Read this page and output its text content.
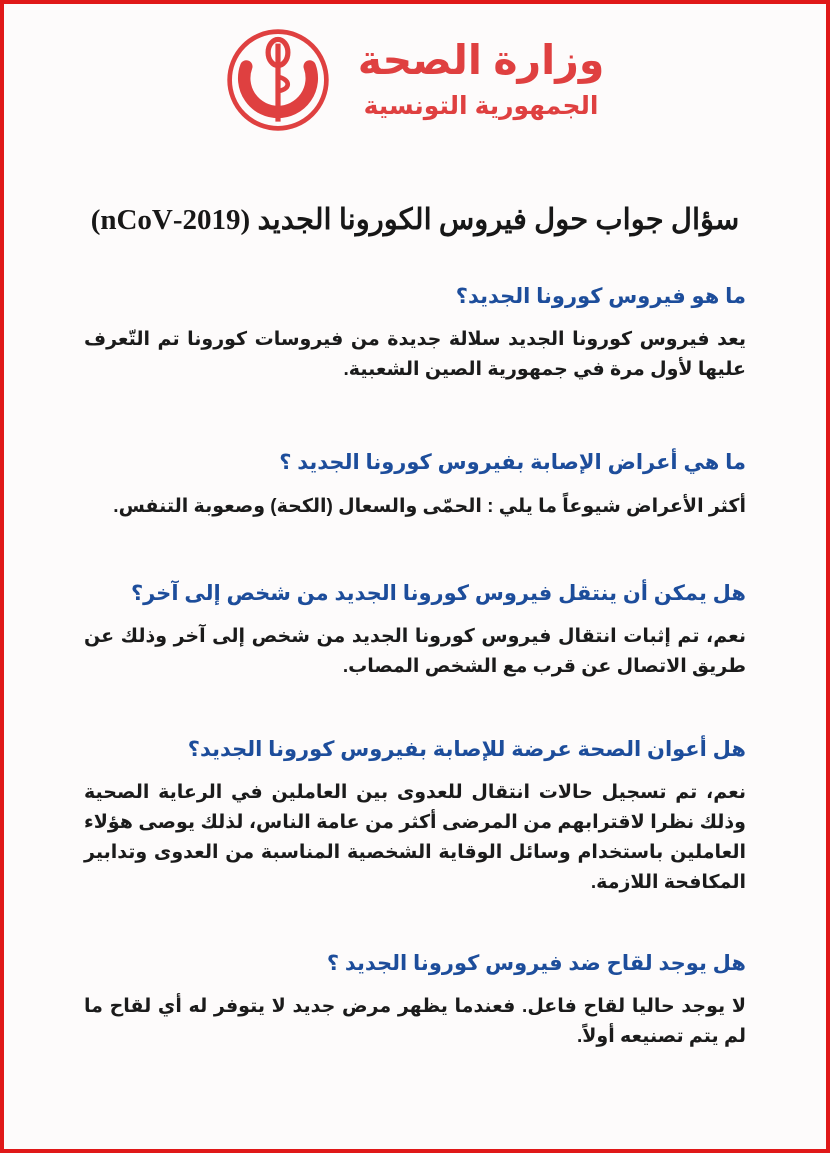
وزارة الصحة
الجمهورية التونسية
سؤال جواب حول فيروس الكورونا الجديد (2019-nCoV)
ما هو فيروس كورونا الجديد؟

يعد فيروس كورونا الجديد سلالة جديدة من فيروسات كورونا تم التّعرف عليها لأول مرة في جمهورية الصين الشعبية.

ما هي أعراض الإصابة بفيروس كورونا الجديد ؟

أكثر الأعراض شيوعاً ما يلي : الحمّى والسعال (الكحة) وصعوبة التنفس.

هل يمكن أن ينتقل فيروس كورونا الجديد من شخص إلى آخر؟

نعم، تم إثبات انتقال فيروس كورونا الجديد من شخص إلى آخر وذلك عن طريق الاتصال عن قرب مع الشخص المصاب.

هل أعوان الصحة عرضة للإصابة بفيروس كورونا الجديد؟

نعم، تم تسجيل حالات انتقال للعدوى بين العاملين في الرعاية الصحية وذلك نظرا لاقترابهم من المرضى أكثر من عامة الناس، لذلك يوصى هؤلاء العاملين باستخدام وسائل الوقاية الشخصية المناسبة من العدوى وتدابير المكافحة اللازمة.

هل يوجد لقاح ضد فيروس كورونا الجديد ؟

لا يوجد حاليا لقاح فاعل. فعندما يظهر مرض جديد لا يتوفر له أي لقاح ما لم يتم تصنيعه أولاً.
